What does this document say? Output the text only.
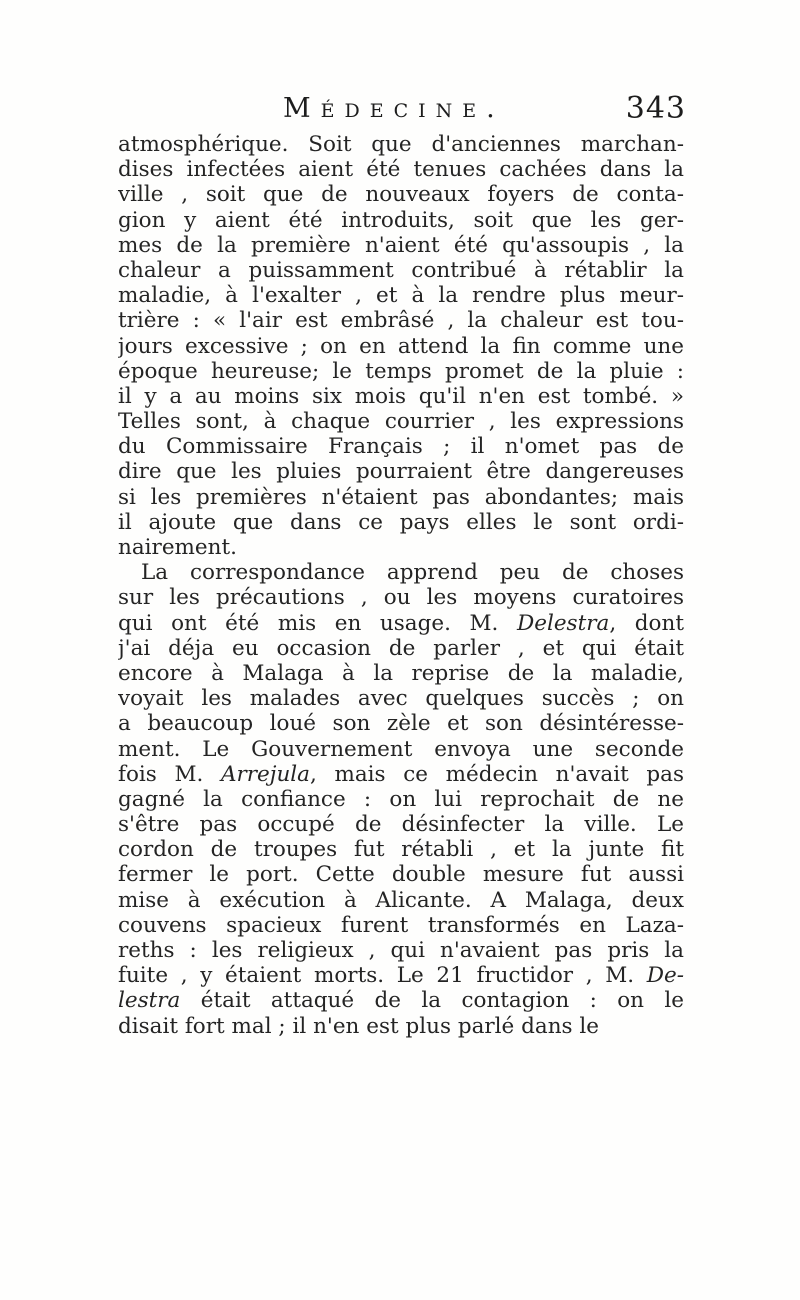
Médecine.	343
atmosphérique. Soit que d'anciennes marchan-
dises infectées aient été tenues cachées dans la
ville , soit que de nouveaux foyers de conta-
gion y aient été introduits, soit que les ger-
mes de la première n'aient été qu'assoupis , la
chaleur a puissamment contribué à rétablir la
maladie, à l'exalter , et à la rendre plus meur-
trière : « l'air est embrâsé , la chaleur est tou-
jours excessive ; on en attend la fin comme une
époque heureuse; le temps promet de la pluie :
il y a au moins six mois qu'il n'en est tombé. »
Telles sont, à chaque courrier , les expressions
du Commissaire Français ; il n'omet pas de
dire que les pluies pourraient être dangereuses
si les premières n'étaient pas abondantes; mais
il ajoute que dans ce pays elles le sont ordi-
nairement.
La correspondance apprend peu de choses
sur les précautions , ou les moyens curatoires
qui ont été mis en usage. M. Delestra, dont
j'ai déja eu occasion de parler , et qui était
encore à Malaga à la reprise de la maladie,
voyait les malades avec quelques succès ; on
a beaucoup loué son zèle et son désintéresse-
ment. Le Gouvernement envoya une seconde
fois M. Arrejula, mais ce médecin n'avait pas
gagné la confiance : on lui reprochait de ne
s'être pas occupé de désinfecter la ville. Le
cordon de troupes fut rétabli , et la junte fit
fermer le port. Cette double mesure fut aussi
mise à exécution à Alicante. A Malaga, deux
couvens spacieux furent transformés en Laza-
reths : les religieux , qui n'avaient pas pris la
fuite , y étaient morts. Le 21 fructidor , M. De-
lestra était attaqué de la contagion : on le
disait fort mal ; il n'en est plus parlé dans le
